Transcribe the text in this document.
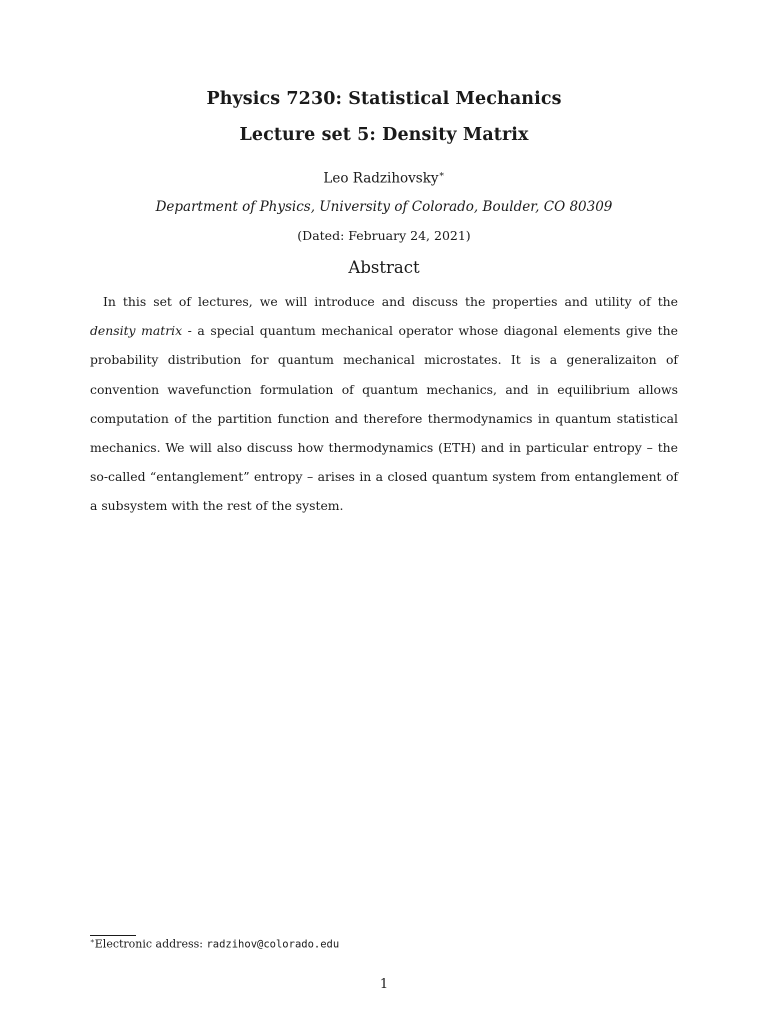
Physics 7230: Statistical Mechanics
Lecture set 5: Density Matrix
Leo Radzihovsky∗
Department of Physics, University of Colorado, Boulder, CO 80309
(Dated: February 24, 2021)
Abstract

In this set of lectures, we will introduce and discuss the properties and utility of the density matrix - a special quantum mechanical operator whose diagonal elements give the probability distribution for quantum mechanical microstates. It is a generalizaiton of convention wavefunction formulation of quantum mechanics, and in equilibrium allows computation of the partition function and therefore thermodynamics in quantum statistical mechanics. We will also discuss how thermodynamics (ETH) and in particular entropy – the so-called “entanglement” entropy – arises in a closed quantum system from entanglement of a subsystem with the rest of the system.

∗Electronic address: radzihov@colorado.edu
1
